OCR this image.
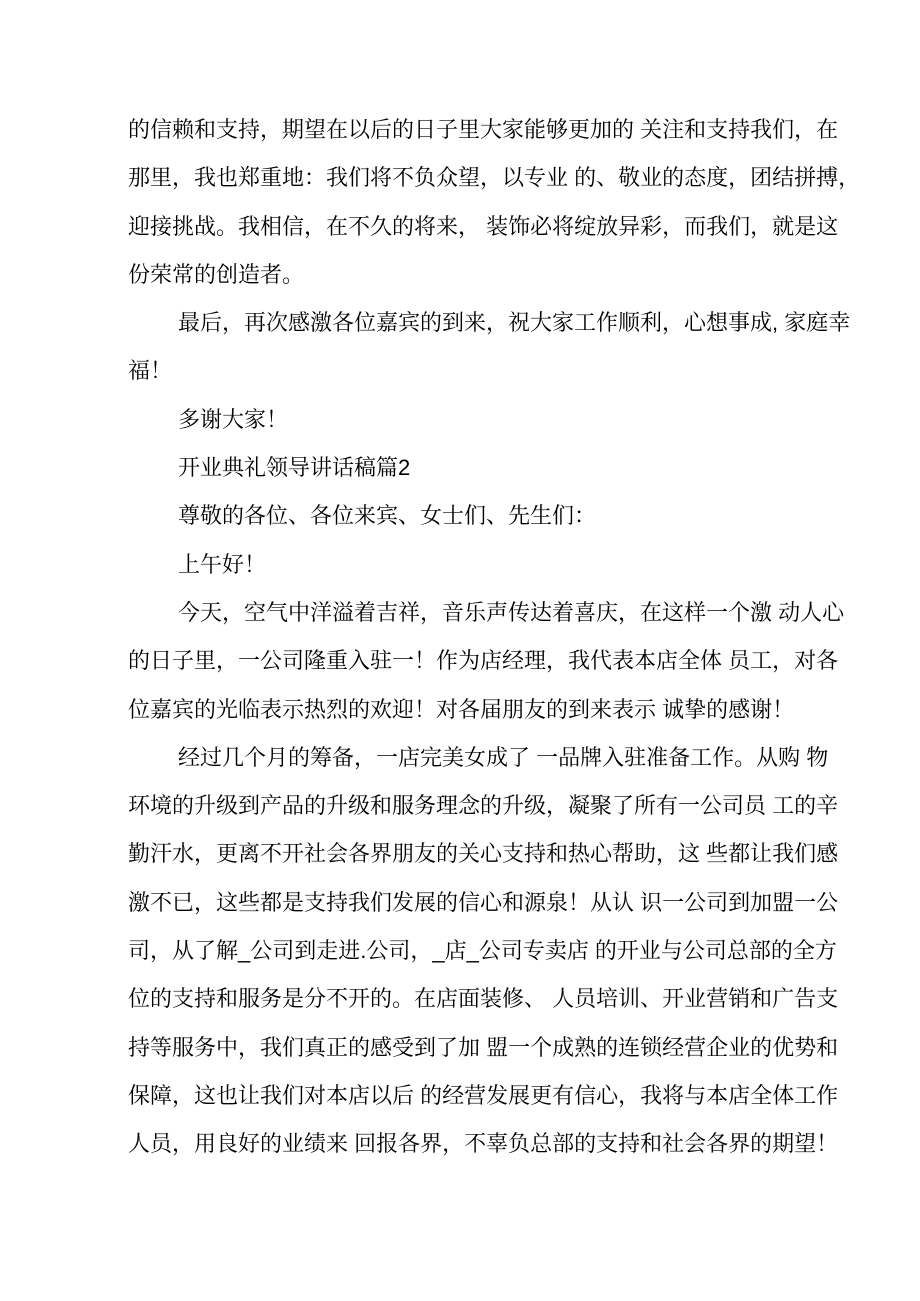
的信赖和支持，期望在以后的日子里大家能够更加的 关注和支持我们，在
那里，我也郑重地：我们将不负众望，以专业 的、敬业的态度，团结拼搏，
迎接挑战。我相信，在不久的将来， 装饰必将绽放异彩，而我们，就是这
份荣常的创造者。
最后，再次感激各位嘉宾的到来，祝大家工作顺利，心想事成, 家庭幸
福！
多谢大家！
开业典礼领导讲话稿篇2
尊敬的各位、各位来宾、女士们、先生们：
上午好！
今天，空气中洋溢着吉祥，音乐声传达着喜庆，在这样一个激 动人心
的日子里，一公司隆重入驻一！作为店经理，我代表本店全体 员工，对各
位嘉宾的光临表示热烈的欢迎！对各届朋友的到来表示 诚挚的感谢！
经过几个月的筹备，一店完美女成了 一品牌入驻准备工作。从购 物
环境的升级到产品的升级和服务理念的升级，凝聚了所有一公司员 工的辛
勤汗水，更离不开社会各界朋友的关心支持和热心帮助，这 些都让我们感
激不已，这些都是支持我们发展的信心和源泉！从认 识一公司到加盟一公
司，从了解_公司到走进.公司，_店_公司专卖店 的开业与公司总部的全方
位的支持和服务是分不开的。在店面装修、 人员培训、开业营销和广告支
持等服务中，我们真正的感受到了加 盟一个成熟的连锁经营企业的优势和
保障，这也让我们对本店以后 的经营发展更有信心，我将与本店全体工作
人员，用良好的业绩来 回报各界，不辜负总部的支持和社会各界的期望！
